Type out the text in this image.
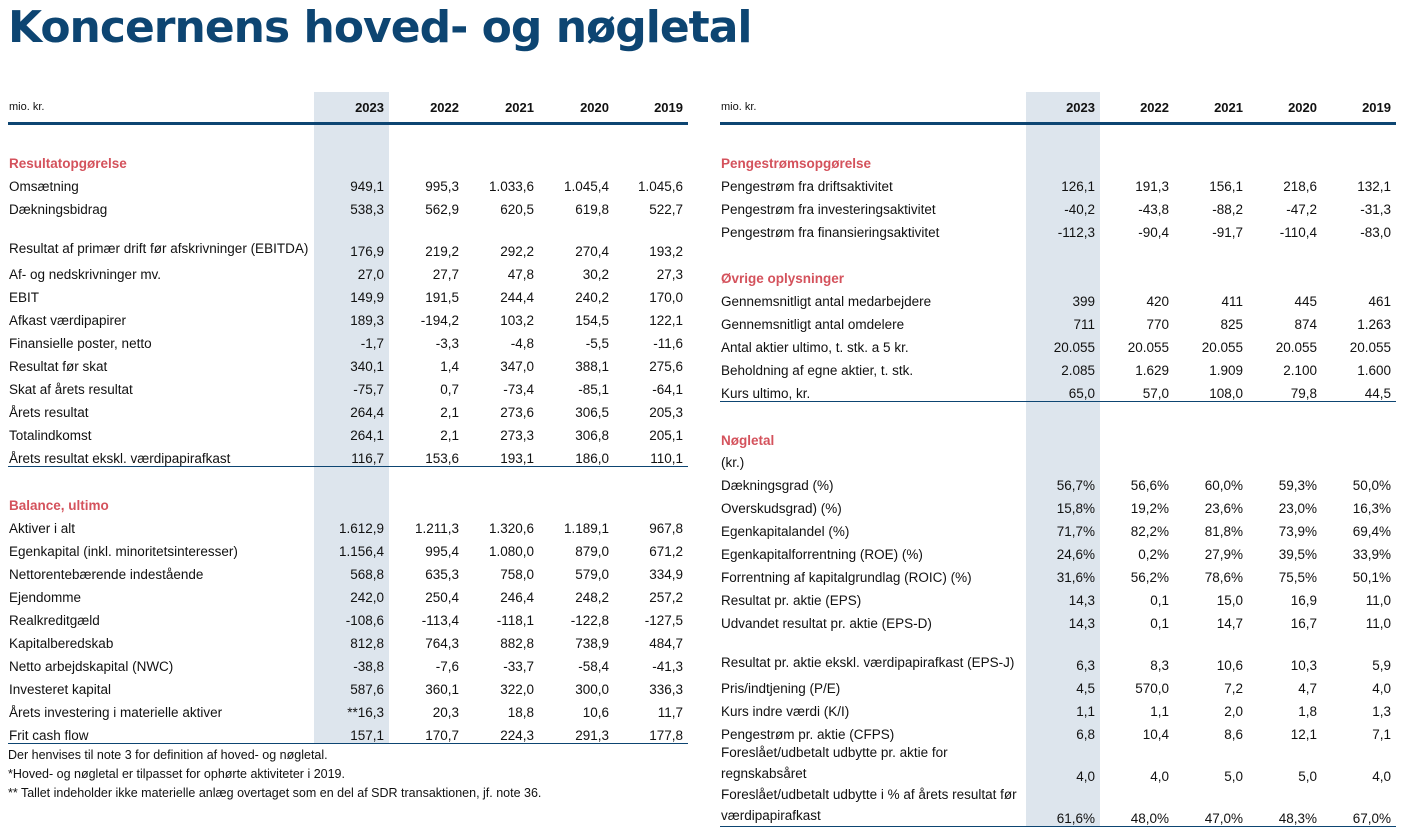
Koncernens hoved- og nøgletal
mio. kr.	2023	2022	2021	2020	2019

Resultatopgørelse					
Omsætning	949,1	995,3	1.033,6	1.045,4	1.045,6
Dækningsbidrag	538,3	562,9	620,5	619,8	522,7
Resultat af primær drift før afskrivninger (EBITDA)	176,9	219,2	292,2	270,4	193,2
Af- og nedskrivninger mv.	27,0	27,7	47,8	30,2	27,3
EBIT	149,9	191,5	244,4	240,2	170,0
Afkast værdipapirer	189,3	-194,2	103,2	154,5	122,1
Finansielle poster, netto	-1,7	-3,3	-4,8	-5,5	-11,6
Resultat før skat	340,1	1,4	347,0	388,1	275,6
Skat af årets resultat	-75,7	0,7	-73,4	-85,1	-64,1
Årets resultat	264,4	2,1	273,6	306,5	205,3
Totalindkomst	264,1	2,1	273,3	306,8	205,1
Årets resultat ekskl. værdipapirafkast	116,7	153,6	193,1	186,0	110,1

Balance, ultimo					
Aktiver i alt	1.612,9	1.211,3	1.320,6	1.189,1	967,8
Egenkapital (inkl. minoritetsinteresser)	1.156,4	995,4	1.080,0	879,0	671,2
Nettorentebærende indestående	568,8	635,3	758,0	579,0	334,9
Ejendomme	242,0	250,4	246,4	248,2	257,2
Realkreditgæld	-108,6	-113,4	-118,1	-122,8	-127,5
Kapitalberedskab	812,8	764,3	882,8	738,9	484,7
Netto arbejdskapital (NWC)	-38,8	-7,6	-33,7	-58,4	-41,3
Investeret kapital	587,6	360,1	322,0	300,0	336,3
Årets investering i materielle aktiver	**16,3	20,3	18,8	10,6	11,7
Frit cash flow	157,1	170,7	224,3	291,3	177,8
mio. kr.	2023	2022	2021	2020	2019

Pengestrømsopgørelse					
Pengestrøm fra driftsaktivitet	126,1	191,3	156,1	218,6	132,1
Pengestrøm fra investeringsaktivitet	-40,2	-43,8	-88,2	-47,2	-31,3
Pengestrøm fra finansieringsaktivitet	-112,3	-90,4	-91,7	-110,4	-83,0

Øvrige oplysninger					
Gennemsnitligt antal medarbejdere	399	420	411	445	461
Gennemsnitligt antal omdelere	711	770	825	874	1.263
Antal aktier ultimo, t. stk. a 5 kr.	20.055	20.055	20.055	20.055	20.055
Beholdning af egne aktier, t. stk.	2.085	1.629	1.909	2.100	1.600
Kurs ultimo, kr.	65,0	57,0	108,0	79,8	44,5

Nøgletal					
(kr.)					
Dækningsgrad (%)	56,7%	56,6%	60,0%	59,3%	50,0%
Overskudsgrad) (%)	15,8%	19,2%	23,6%	23,0%	16,3%
Egenkapitalandel (%)	71,7%	82,2%	81,8%	73,9%	69,4%
Egenkapitalforrentning (ROE) (%)	24,6%	0,2%	27,9%	39,5%	33,9%
Forrentning af kapitalgrundlag (ROIC) (%)	31,6%	56,2%	78,6%	75,5%	50,1%
Resultat pr. aktie (EPS)	14,3	0,1	15,0	16,9	11,0
Udvandet resultat pr. aktie (EPS-D)	14,3	0,1	14,7	16,7	11,0
Resultat pr. aktie ekskl. værdipapirafkast (EPS-J)	6,3	8,3	10,6	10,3	5,9
Pris/indtjening (P/E)	4,5	570,0	7,2	4,7	4,0
Kurs indre værdi (K/I)	1,1	1,1	2,0	1,8	1,3
Pengestrøm pr. aktie (CFPS)	6,8	10,4	8,6	12,1	7,1
Foreslået/udbetalt udbytte pr. aktie for regnskabsåret	4,0	4,0	5,0	5,0	4,0
Foreslået/udbetalt udbytte i % af årets resultat før værdipapirafkast	61,6%	48,0%	47,0%	48,3%	67,0%
Der henvises til note 3 for definition af hoved- og nøgletal.
*Hoved- og nøgletal er tilpasset for ophørte aktiviteter i 2019.
** Tallet indeholder ikke materielle anlæg overtaget som en del af SDR transaktionen, jf. note 36.
